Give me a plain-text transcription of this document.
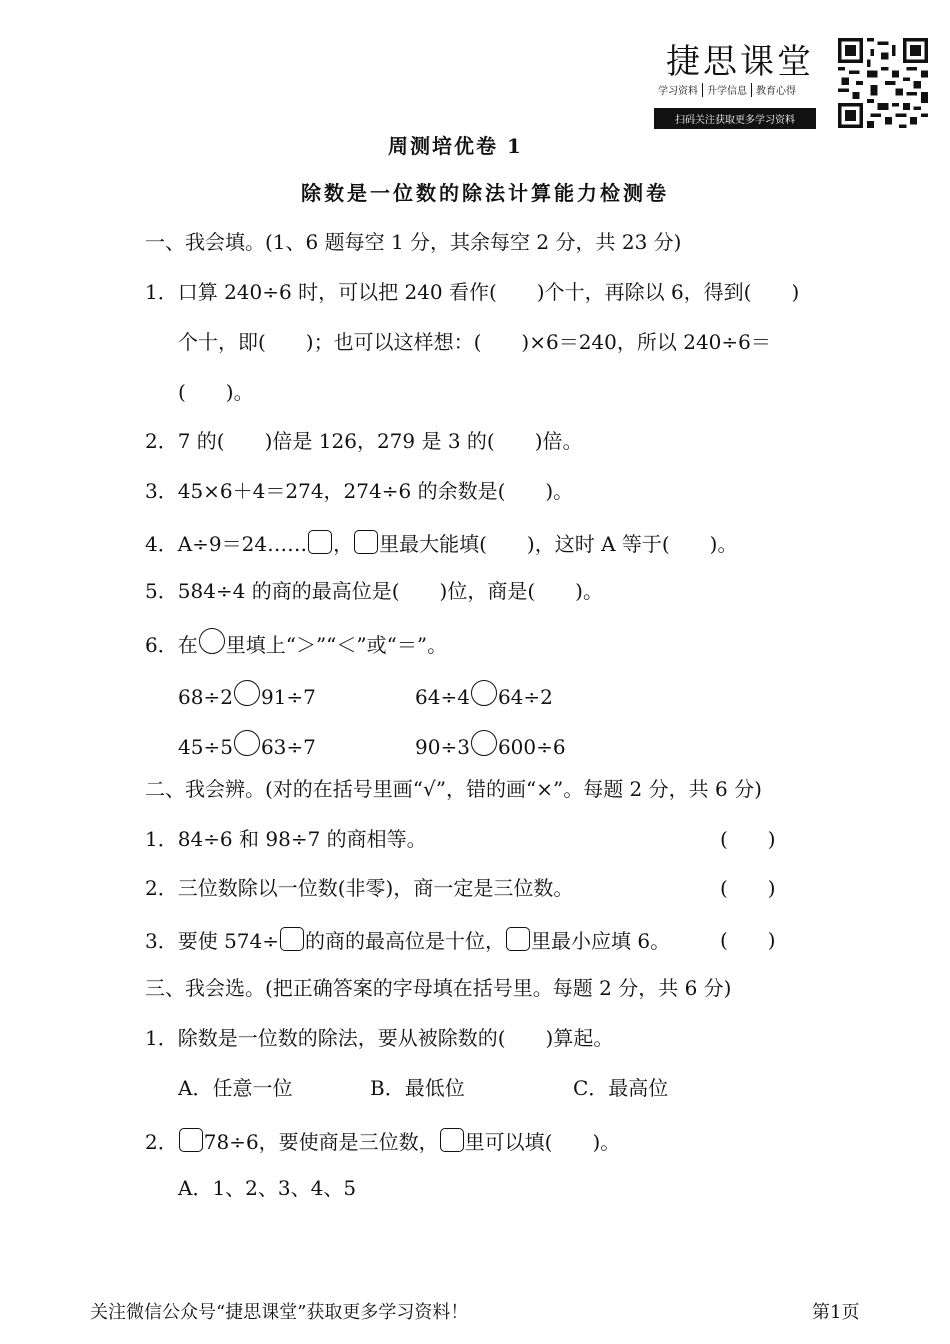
捷思课堂
学习资料 升学信息 教育心得
扫码关注获取更多学习资料
周测培优卷 1
除数是一位数的除法计算能力检测卷
一、我会填。(1、6 题每空 1 分，其余每空 2 分，共 23 分)
1．口算 240÷6 时，可以把 240 看作(　　)个十，再除以 6，得到(　　)
个十，即(　　)；也可以这样想：(　　)×6＝240，所以 240÷6＝
(　　)。
2．7 的(　　)倍是 126，279 是 3 的(　　)倍。
3．45×6＋4＝274，274÷6 的余数是(　　)。
4．A÷9＝24…… ， 里最大能填(　　)，这时 A 等于(　　)。
5．584÷4 的商的最高位是(　　)位，商是(　　)。
6．在 里填上“＞”“＜”或“＝”。
68÷2 91÷7	64÷4 64÷2
45÷5 63÷7	90÷3 600÷6
二、我会辨。(对的在括号里画“√”，错的画“×”。每题 2 分，共 6 分)
1．84÷6 和 98÷7 的商相等。	(　　)
2．三位数除以一位数(非零)，商一定是三位数。	(　　)
3．要使 574÷ 的商的最高位是十位， 里最小应填 6。 (　　)
三、我会选。(把正确答案的字母填在括号里。每题 2 分，共 6 分)
1．除数是一位数的除法，要从被除数的(　　)算起。
A．任意一位	B．最低位	C．最高位
2． 78÷6，要使商是三位数， 里可以填(　　)。
A．1、2、3、4、5
关注微信公众号“捷思课堂”获取更多学习资料！	第1页
